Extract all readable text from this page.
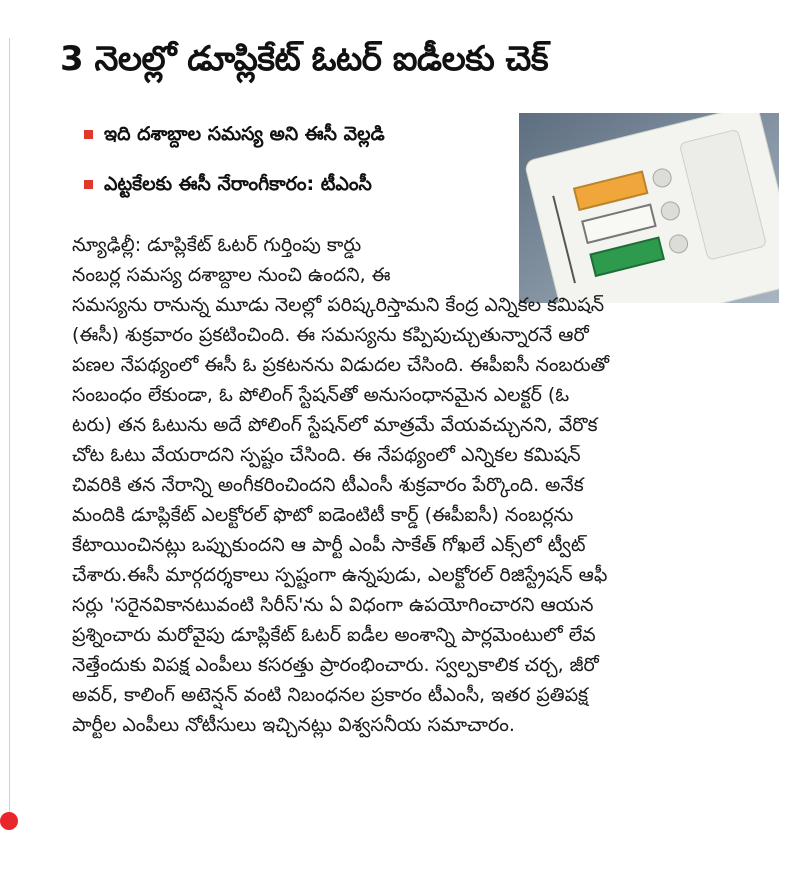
3 నెలల్లో డూప్లికేట్ ఓటర్ ఐడీలకు చెక్
ఇది దశాబ్దాల సమస్య అని ఈసీ వెల్లడి
ఎట్టకేలకు ఈసీ నేరాంగీకారం: టీఎంసీ
న్యూఢిల్లీ: డూప్లికేట్ ఓటర్ గుర్తింపు కార్డు
నంబర్ల సమస్య దశాబ్దాల నుంచి ఉందని, ఈ
సమస్యను రానున్న మూడు నెలల్లో పరిష్కరిస్తామని కేంద్ర ఎన్నికల కమిషన్
(ఈసీ) శుక్రవారం ప్రకటించింది. ఈ సమస్యను కప్పిపుచ్చుతున్నారనే ఆరో
పణల నేపథ్యంలో ఈసీ ఓ ప్రకటనను విడుదల చేసింది. ఈపీఐసీ నంబరుతో
సంబంధం లేకుండా, ఓ పోలింగ్ స్టేషన్‌తో అనుసంధానమైన ఎలక్టర్ (ఓ
టరు) తన ఓటును అదే పోలింగ్ స్టేషన్‌లో మాత్రమే వేయవచ్చునని, వేరొక
చోట ఓటు వేయరాదని స్పష్టం చేసింది. ఈ నేపథ్యంలో ఎన్నికల కమిషన్
చివరికి తన నేరాన్ని అంగీకరించిందని టీఎంసీ శుక్రవారం పేర్కొంది. అనేక
మందికి డూప్లికేట్ ఎలక్టోరల్ ఫొటో ఐడెంటిటీ కార్డ్ (ఈపీఐసీ) నంబర్లను
కేటాయించినట్లు ఒప్పుకుందని ఆ పార్టీ ఎంపీ సాకేత్ గోఖలే ఎక్స్‌లో ట్వీట్
చేశారు.ఈసీ మార్గదర్శకాలు స్పష్టంగా ఉన్నపుడు, ఎలక్టోరల్ రిజిస్ట్రేషన్ ఆఫీ
సర్లు 'సరైనవికానటువంటి సిరీస్'ను ఏ విధంగా ఉపయోగించారని ఆయన
ప్రశ్నించారు మరోవైపు డూప్లికేట్ ఓటర్ ఐడీల అంశాన్ని పార్లమెంటులో లేవ
నెత్తేందుకు విపక్ష ఎంపీలు కసరత్తు ప్రారంభించారు. స్వల్పకాలిక చర్చ, జీరో
అవర్, కాలింగ్ అటెన్షన్ వంటి నిబంధనల ప్రకారం టీఎంసీ, ఇతర ప్రతిపక్ష
పార్టీల ఎంపీలు నోటీసులు ఇచ్చినట్లు విశ్వసనీయ సమాచారం.
